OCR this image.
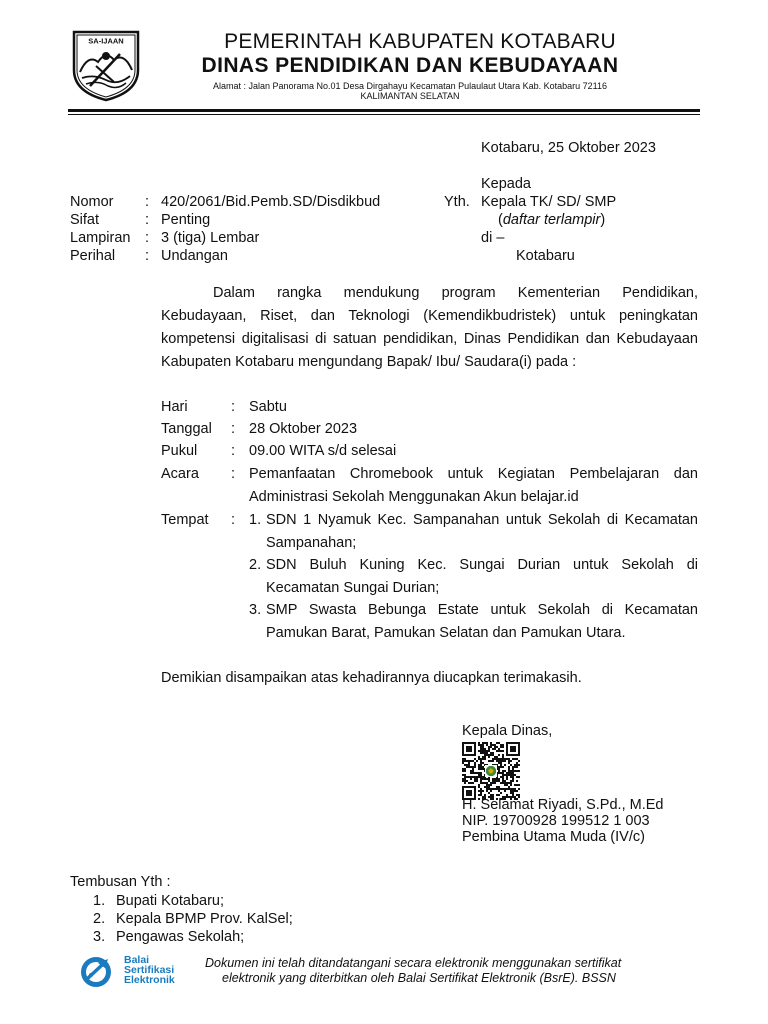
SA-IJAAN	PEMERINTAH KABUPATEN KOTABARU
DINAS PENDIDIKAN DAN KEBUDAYAAN
Alamat : Jalan Panorama No.01 Desa Dirgahayu Kecamatan Pulaulaut Utara Kab. Kotabaru 72116
KALIMANTAN SELATAN
Kotabaru, 25 Oktober 2023
Kepada
Yth. Kepala TK/ SD/ SMP
(daftar terlampir)
di –
Kotabaru
Nomor : 420/2061/Bid.Pemb.SD/Disdikbud
Sifat	: Penting
Lampiran : 3 (tiga) Lembar
Perihal : Undangan
Dalam rangka mendukung program Kementerian Pendidikan,
Kebudayaan, Riset, dan Teknologi (Kemendikbudristek) untuk peningkatan
kompetensi digitalisasi di satuan pendidikan, Dinas Pendidikan dan Kebudayaan
Kabupaten Kotabaru mengundang Bapak/ Ibu/ Saudara(i) pada :
Hari	: Sabtu
Tanggal : 28 Oktober 2023
Pukul : 09.00 WITA s/d selesai
Acara : Pemanfaatan Chromebook untuk Kegiatan Pembelajaran dan
Administrasi Sekolah Menggunakan Akun belajar.id
Tempat : 1. SDN 1 Nyamuk Kec. Sampanahan untuk Sekolah di Kecamatan
Sampanahan;
2. SDN Buluh Kuning Kec. Sungai Durian untuk Sekolah di
Kecamatan Sungai Durian;
3. SMP Swasta Bebunga Estate untuk Sekolah di Kecamatan
Pamukan Barat, Pamukan Selatan dan Pamukan Utara.
Demikian disampaikan atas kehadirannya diucapkan terimakasih.
Kepala Dinas,
H. Selamat Riyadi, S.Pd., M.Ed
NIP. 19700928 199512 1 003
Pembina Utama Muda (IV/c)
Tembusan Yth :
1. Bupati Kotabaru;
2. Kepala BPMP Prov. KalSel;
3. Pengawas Sekolah;
Balai
Sertifikasi
Elektronik
Dokumen ini telah ditandatangani secara elektronik menggunakan sertifikat
elektronik yang diterbitkan oleh Balai Sertifikat Elektronik (BsrE). BSSN
